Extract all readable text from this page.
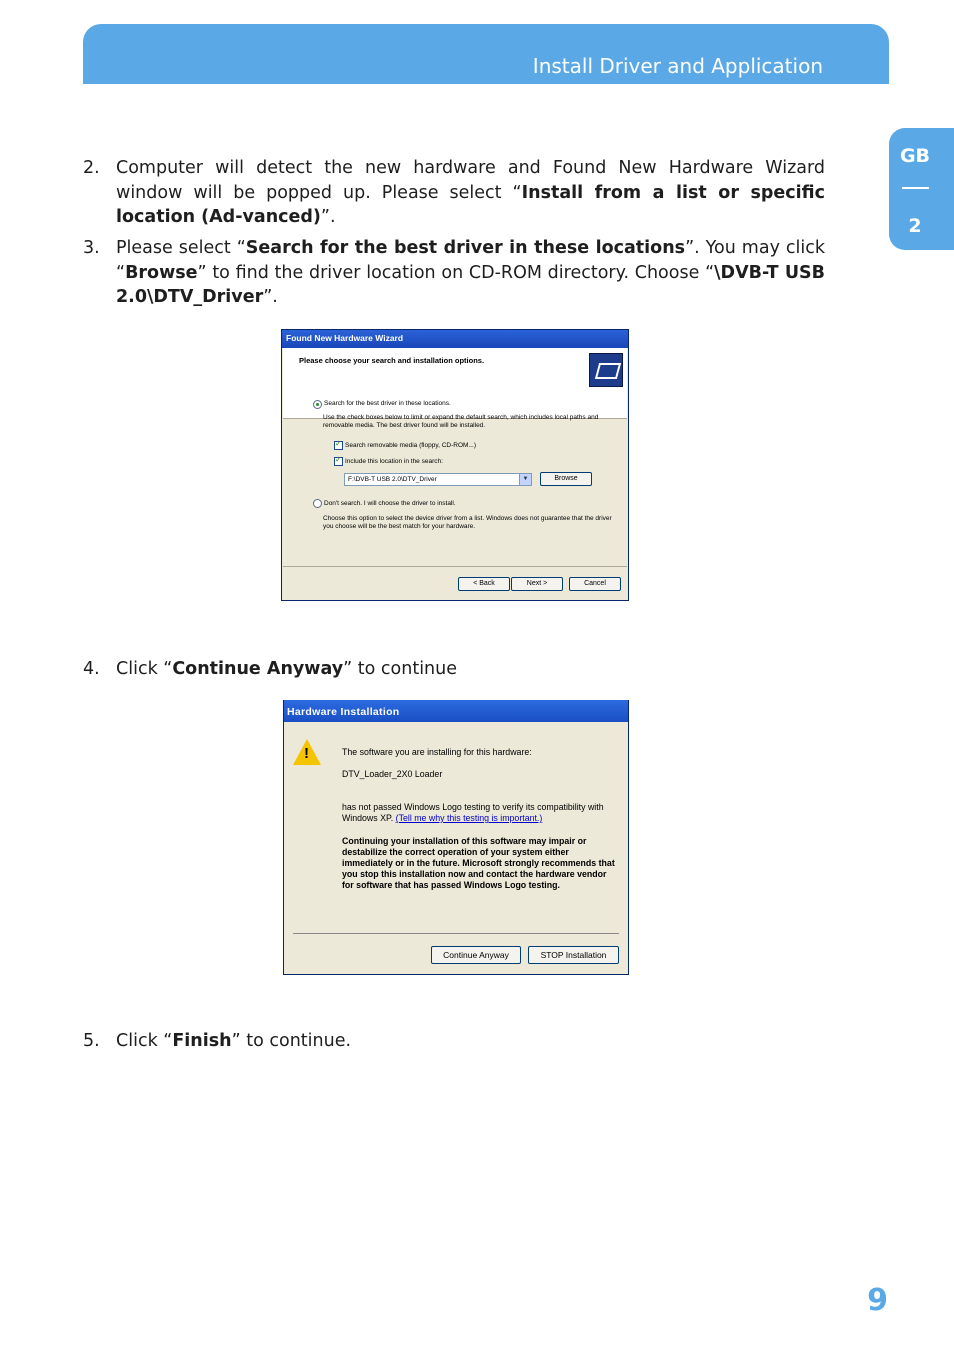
Install Driver and Application
GB
2
2. Computer will detect the new hardware and Found New Hardware Wizard window will be popped up. Please select “Install from a list or specific location (Ad-vanced)”.
3. Please select “Search for the best driver in these locations”. You may click “Browse” to find the driver location on CD-ROM directory. Choose “\DVB-T USB 2.0\DTV_Driver”.
Found New Hardware Wizard
Please choose your search and installation options.
Search for the best driver in these locations.
Use the check boxes below to limit or expand the default search, which includes local paths and removable media. The best driver found will be installed.
✓
Search removable media (floppy, CD-ROM...)
✓
Include this location in the search:
F:\DVB-T USB 2.0\DTV_Driver	▼	Browse
Don't search. I will choose the driver to install.
Choose this option to select the device driver from a list. Windows does not guarantee that the driver you choose will be the best match for your hardware.
< Back	Next >	Cancel
4. Click “Continue Anyway” to continue
Hardware Installation
!	The software you are installing for this hardware:
DTV_Loader_2X0 Loader
has not passed Windows Logo testing to verify its compatibility with Windows XP. (Tell me why this testing is important.)
Continuing your installation of this software may impair or destabilize the correct operation of your system either immediately or in the future. Microsoft strongly recommends that you stop this installation now and contact the hardware vendor for software that has passed Windows Logo testing.
Continue Anyway	STOP Installation
5. Click “Finish” to continue.
9
